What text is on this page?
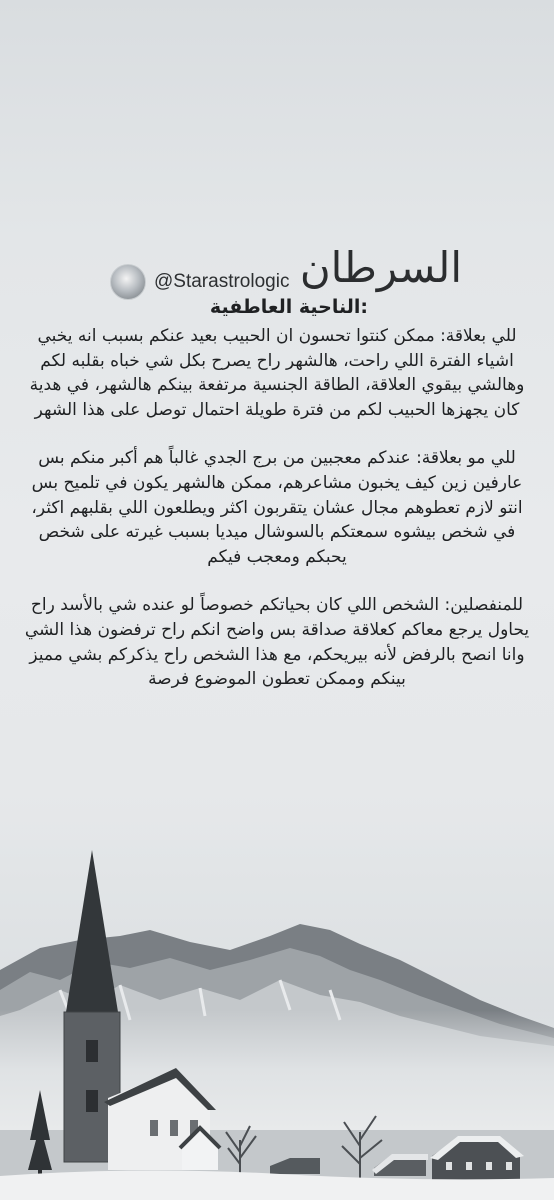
السرطان
@Starastrologic
:الناحية العاطفية

للي بعلاقة: ممكن كنتوا تحسون ان الحبيب بعيد عنكم بسبب انه يخبي اشياء الفترة اللي راحت، هالشهر راح يصرح بكل شي خباه بقلبه لكم وهالشي بيقوي العلاقة، الطاقة الجنسية مرتفعة بينكم هالشهر، في هدية كان يجهزها الحبيب لكم من فترة طويلة احتمال توصل على هذا الشهر

للي مو بعلاقة: عندكم معجبين من برج الجدي غالباً هم أكبر منكم بس عارفين زين كيف يخبون مشاعرهم، ممكن هالشهر يكون في تلميح بس انتو لازم تعطوهم مجال عشان يتقربون اكثر ويطلعون اللي بقلبهم اكثر، في شخص بيشوه سمعتكم بالسوشال ميديا بسبب غيرته على شخص يحبكم ومعجب فيكم

للمنفصلين: الشخص اللي كان بحياتكم خصوصاً لو عنده شي بالأسد راح يحاول يرجع معاكم كعلاقة صداقة بس واضح انكم راح ترفضون هذا الشي وانا انصح بالرفض لأنه بيريحكم، مع هذا الشخص راح يذكركم بشي مميز بينكم وممكن تعطون الموضوع فرصة
